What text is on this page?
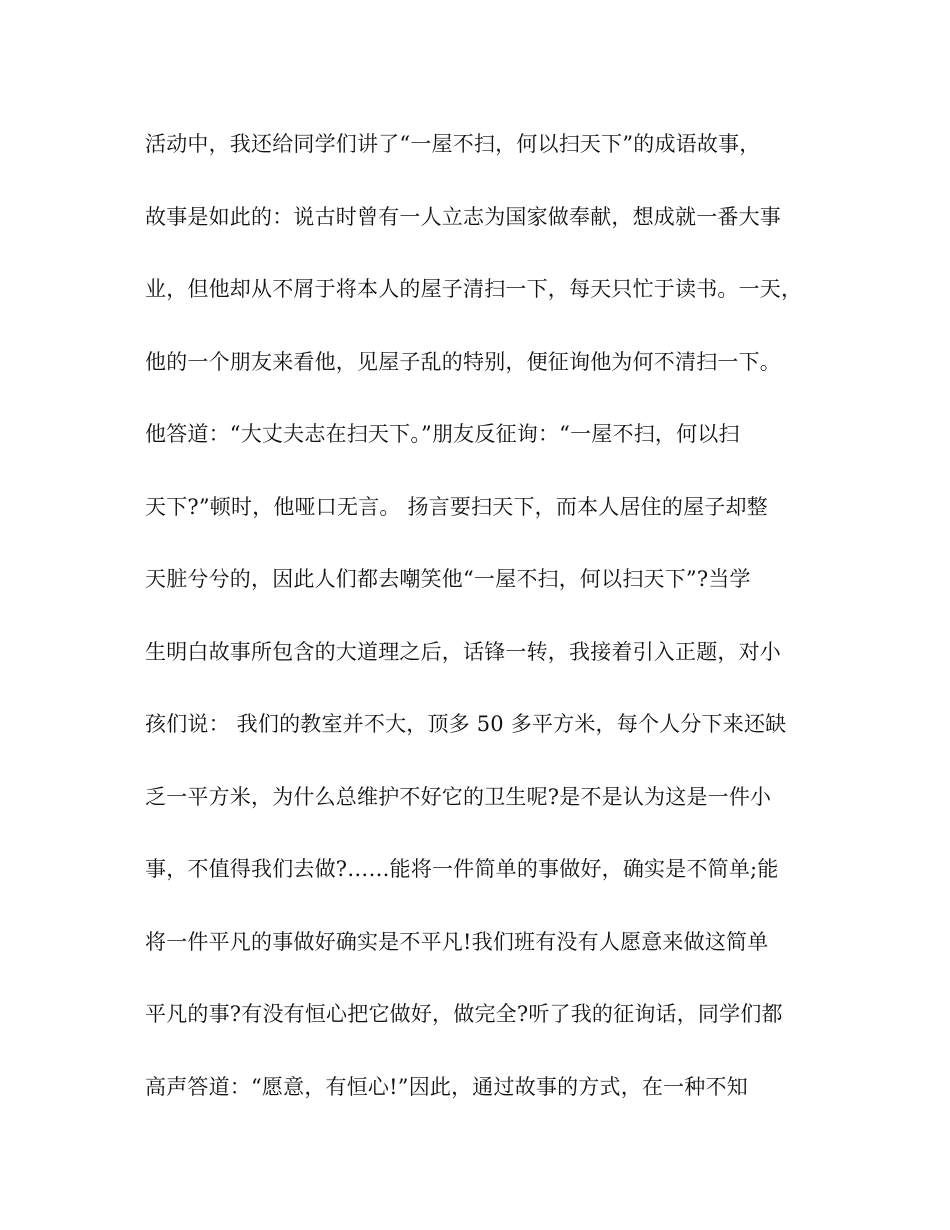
活动中，我还给同学们讲了“一屋不扫，何以扫天下”的成语故事，
故事是如此的：说古时曾有一人立志为国家做奉献，想成就一番大事
业，但他却从不屑于将本人的屋子清扫一下，每天只忙于读书。一天，
他的一个朋友来看他，见屋子乱的特别，便征询他为何不清扫一下。
他答道：“大丈夫志在扫天下。”朋友反征询：“一屋不扫，何以扫
天下?”顿时，他哑口无言。 扬言要扫天下，而本人居住的屋子却整
天脏兮兮的，因此人们都去嘲笑他“一屋不扫，何以扫天下”?当学
生明白故事所包含的大道理之后，话锋一转，我接着引入正题，对小
孩们说： 我们的教室并不大，顶多 50 多平方米，每个人分下来还缺
乏一平方米，为什么总维护不好它的卫生呢?是不是认为这是一件小
事，不值得我们去做?……能将一件简单的事做好，确实是不简单;能
将一件平凡的事做好确实是不平凡!我们班有没有人愿意来做这简单
平凡的事?有没有恒心把它做好，做完全?听了我的征询话，同学们都
高声答道：“愿意，有恒心!”因此，通过故事的方式，在一种不知
